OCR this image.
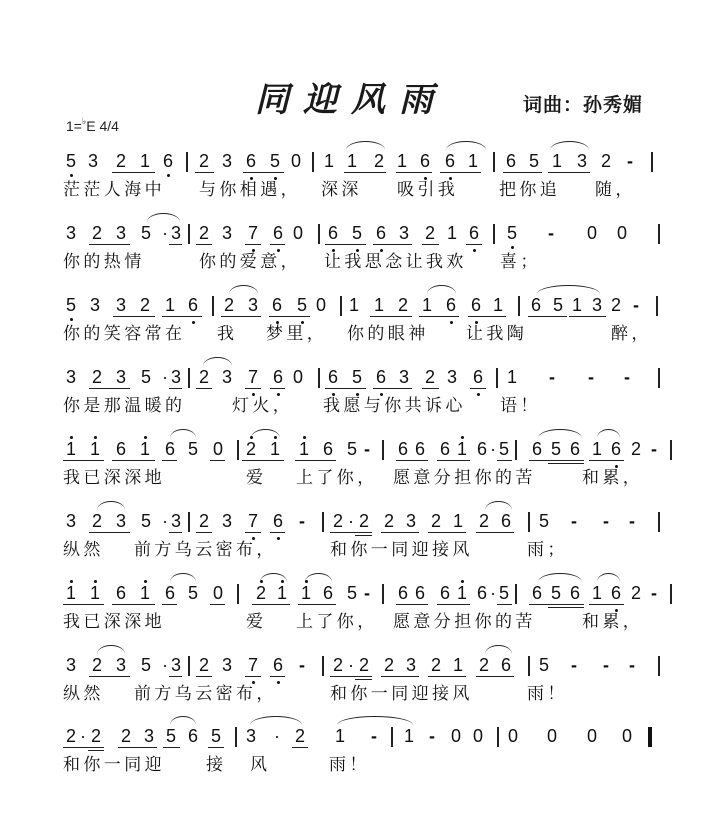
同迎风雨	词曲：孙秀媚
1=♭E 4/4
5 3 2 1 6 2 3 6 5 0 1 1 2 1 6 6 1 6 5 1 3 2 -
茫 茫 人 海 中 与 你 相 遇 ， 深 深 吸 引 我	把 你 追 随 ，
3 2 3 5 3 2 3 7 6 0 6 5 6 3 2 1 6 5 - 0 0
·
你 的 热 情	你 的 爱 意 ， 让 我 思 念 让 我 欢 喜 ；
5 3 3 2 1 6 2 3 6 5 0 1 1 2 1 6 6 1 6 5 1 3 2 -
你 的 笑 容 常 在 我 梦 里 ， 你 的 眼 神 让 我 陶	醉 ，
3 2 3 5 3 2 3 7 6 0 6 5 6 3 2 3 6 1 - - -
·
你 是 那 温 暖 的	灯 火 ， 我 愿 与 你 共 诉 心 语 ！
1 1 6 1 6 5 0 2 1 1 6 5 - 6 6 6 1 6 5 6 5 6 1 6 2 -
·
我 已 深 深 地	爱 上 了 你 ， 愿 意 分 担 你 的 苦	和 累 ，
3 2 3 5 3 2 3 7 6 - 2 2 2 3 2 1 2 6 5 - - -
·	·
纵 然 前 方 乌 云 密 布 ，	和 你 一 同 迎 接 风	雨 ；
1 1 6 1 6 5 0 2 1 1 6 5 - 6 6 6 1 6 5 6 5 6 1 6 2 -
·
我 已 深 深 地	爱 上 了 你 ， 愿 意 分 担 你 的 苦	和 累 ，
3 2 3 5 3 2 3 7 6 - 2 2 2 3 2 1 2 6 5 - - -
·	·
纵 然 前 方 乌 云 密 布 ，	和 你 一 同 迎 接 风	雨 ！
2 2 2 3 5 6 5 3 · 2 1 - 1 - 0 0 0 0 0 0
·
和 你 一 同 迎	接 风	雨 ！
